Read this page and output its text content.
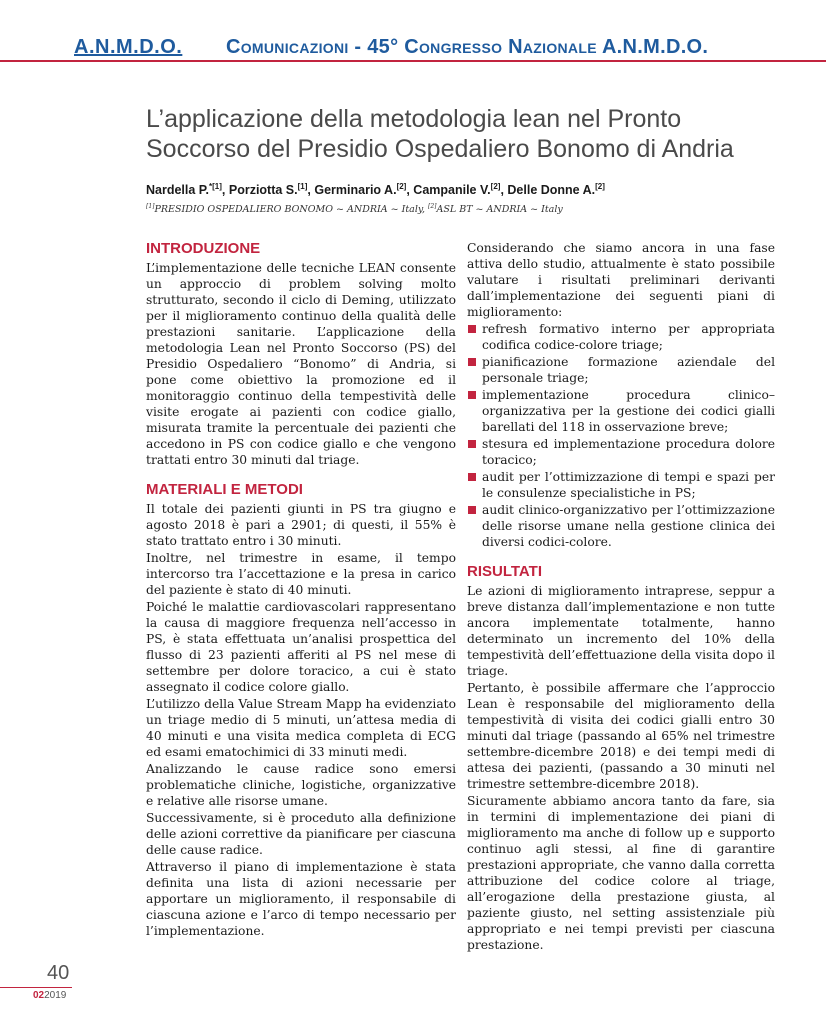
A.N.M.D.O. Comunicazioni - 45° Congresso Nazionale A.N.M.D.O.
L’applicazione della metodologia lean nel Pronto
Soccorso del Presidio Ospedaliero Bonomo di Andria
Nardella P.$^{*[1]}$, Porziotta S.[1], Germinario A.[2], Campanile V.[2], Delle Donne A.[2]
[1]PRESIDIO OSPEDALIERO BONOMO ~ ANDRIA ~ Italy, [2]ASL BT ~ ANDRIA ~ Italy
INTRODUZIONE

L’implementazione delle tecniche LEAN consente un approccio di problem solving molto strutturato, secondo il ciclo di Deming, utilizzato per il miglioramento continuo della qualità delle prestazioni sanitarie. L’applicazione della metodologia Lean nel Pronto Soccorso (PS) del Presidio Ospedaliero “Bonomo” di Andria, si pone come obiettivo la promozione ed il monitoraggio continuo della tempestività delle visite erogate ai pazienti con codice giallo, misurata tramite la percentuale dei pazienti che accedono in PS con codice giallo e che vengono trattati entro 30 minuti dal triage.

MATERIALI E METODI

Il totale dei pazienti giunti in PS tra giugno e agosto 2018 è pari a 2901; di questi, il 55% è stato trattato entro i 30 minuti.

Inoltre, nel trimestre in esame, il tempo intercorso tra l’accettazione e la presa in carico del paziente è stato di 40 minuti.

Poiché le malattie cardiovascolari rappresentano la causa di maggiore frequenza nell’accesso in PS, è stata effettuata un’analisi prospettica del flusso di 23 pazienti afferiti al PS nel mese di settembre per dolore toracico, a cui è stato assegnato il codice colore giallo.

L’utilizzo della Value Stream Mapp ha evidenziato un triage medio di 5 minuti, un’attesa media di 40 minuti e una visita medica completa di ECG ed esami ematochimici di 33 minuti medi.

Analizzando le cause radice sono emersi problematiche cliniche, logistiche, organizzative e relative alle risorse umane.

Successivamente, si è proceduto alla definizione delle azioni correttive da pianificare per ciascuna delle cause radice.

Attraverso il piano di implementazione è stata definita una lista di azioni necessarie per apportare un miglioramento, il responsabile di ciascuna azione e l’arco di tempo necessario per l’implementazione.

Considerando che siamo ancora in una fase attiva dello studio, attualmente è stato possibile valutare i risultati preliminari derivanti dall’implementazione dei seguenti piani di miglioramento:

refresh formativo interno per appropriata codifica codice-colore triage;
pianificazione formazione aziendale del personale triage;
implementazione procedura clinico–organizzativa per la gestione dei codici gialli barellati del 118 in osservazione breve;
stesura ed implementazione procedura dolore toracico;
audit per l’ottimizzazione di tempi e spazi per le consulenze specialistiche in PS;
audit clinico-organizzativo per l’ottimizzazione delle risorse umane nella gestione clinica dei diversi codici-colore.
RISULTATI

Le azioni di miglioramento intraprese, seppur a breve distanza dall’implementazione e non tutte ancora implementate totalmente, hanno determinato un incremento del 10% della tempestività dell’effettuazione della visita dopo il triage.

Pertanto, è possibile affermare che l’approccio Lean è responsabile del miglioramento della tempestività di visita dei codici gialli entro 30 minuti dal triage (passando al 65% nel trimestre settembre-dicembre 2018) e dei tempi medi di attesa dei pazienti, (passando a 30 minuti nel trimestre settembre-dicembre 2018).

Sicuramente abbiamo ancora tanto da fare, sia in termini di implementazione dei piani di miglioramento ma anche di follow up e supporto continuo agli stessi, al fine di garantire prestazioni appropriate, che vanno dalla corretta attribuzione del codice colore al triage, all’erogazione della prestazione giusta, al paziente giusto, nel setting assistenziale più appropriato e nei tempi previsti per ciascuna prestazione.

40
022019
